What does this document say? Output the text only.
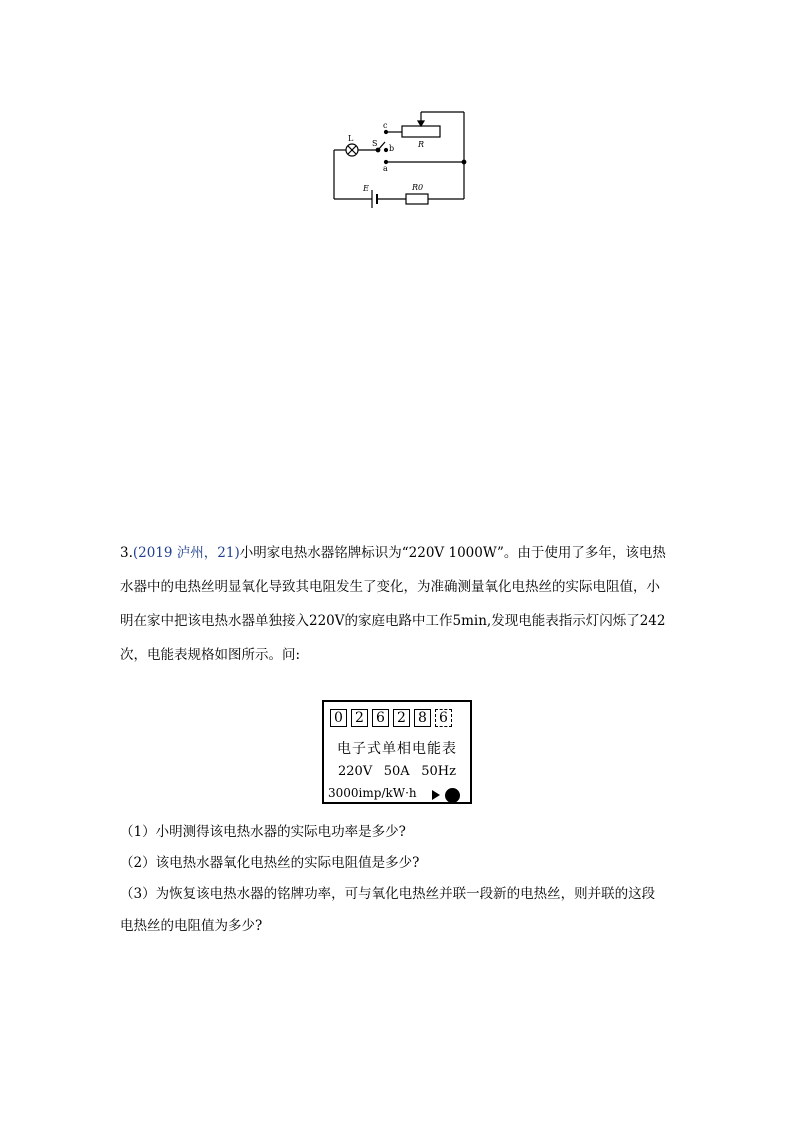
L
S
c
b
a
R
E	R0
3.(2019 泸州，21)小明家电热水器铭牌标识为“220V 1000W”。由于使用了多年，该电热
水器中的电热丝明显氧化导致其电阻发生了变化，为准确测量氧化电热丝的实际电阻值，小
明在家中把该电热水器单独接入220V的家庭电路中工作5min,发现电能表指示灯闪烁了242
次，电能表规格如图所示。问:
0 2 6 2 8 6
电子式单相电能表
220V 50A 50Hz
3000imp/kW·h
（1）小明测得该电热水器的实际电功率是多少?
（2）该电热水器氧化电热丝的实际电阻值是多少?
（3）为恢复该电热水器的铭牌功率，可与氧化电热丝并联一段新的电热丝，则并联的这段
电热丝的电阻值为多少?
